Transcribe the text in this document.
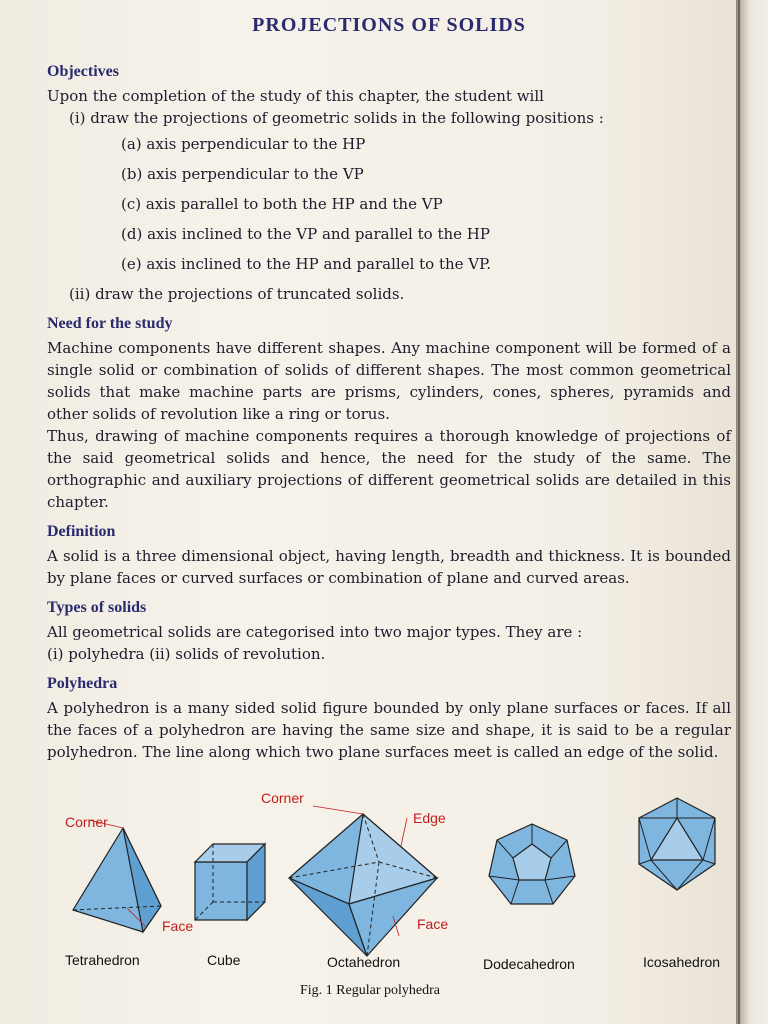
PROJECTIONS OF SOLIDS
Objectives

Upon the completion of the study of this chapter, the student will

(i) draw the projections of geometric solids in the following positions :

(a) axis perpendicular to the HP
(b) axis perpendicular to the VP
(c) axis parallel to both the HP and the VP
(d) axis inclined to the VP and parallel to the HP
(e) axis inclined to the HP and parallel to the VP.

(ii) draw the projections of truncated solids.

Need for the study

Machine components have different shapes. Any machine component will be formed of a single solid or combination of solids of different shapes. The most common geometrical solids that make machine parts are prisms, cylinders, cones, spheres, pyramids and other solids of revolution like a ring or torus.

Thus, drawing of machine components requires a thorough knowledge of projections of the said geometrical solids and hence, the need for the study of the same. The orthographic and auxiliary projections of different geometrical solids are detailed in this chapter.

Definition

A solid is a three dimensional object, having length, breadth and thickness. It is bounded by plane faces or curved surfaces or combination of plane and curved areas.

Types of solids

All geometrical solids are categorised into two major types. They are :

(i) polyhedra (ii) solids of revolution.

Polyhedra

A polyhedron is a many sided solid figure bounded by only plane surfaces or faces. If all the faces of a polyhedron are having the same size and shape, it is said to be a regular polyhedron. The line along which two plane surfaces meet is called an edge of the solid.

Corner
Face
Corner
Edge
Face
Tetrahedron	Cube	Octahedron	Dodecahedron	Icosahedron
Fig. 1 Regular polyhedra
